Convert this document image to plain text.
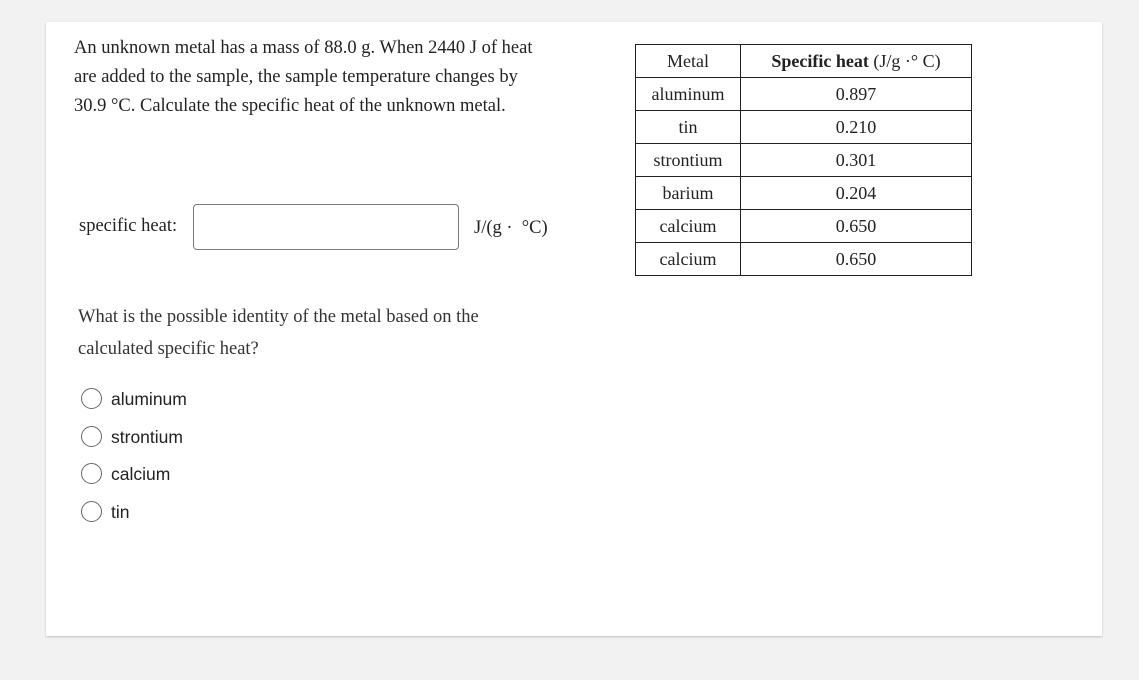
An unknown metal has a mass of 88.0 g. When 2440 J of heat are added to the sample, the sample temperature changes by 30.9 °C. Calculate the specific heat of the unknown metal.
specific heat:	J/(g ·  °C)
Metal	Specific heat (J/g ·° C)
aluminum	0.897
tin	0.210
strontium	0.301
barium	0.204
calcium	0.650
calcium	0.650
What is the possible identity of the metal based on the calculated specific heat?
aluminum
strontium
calcium
tin
